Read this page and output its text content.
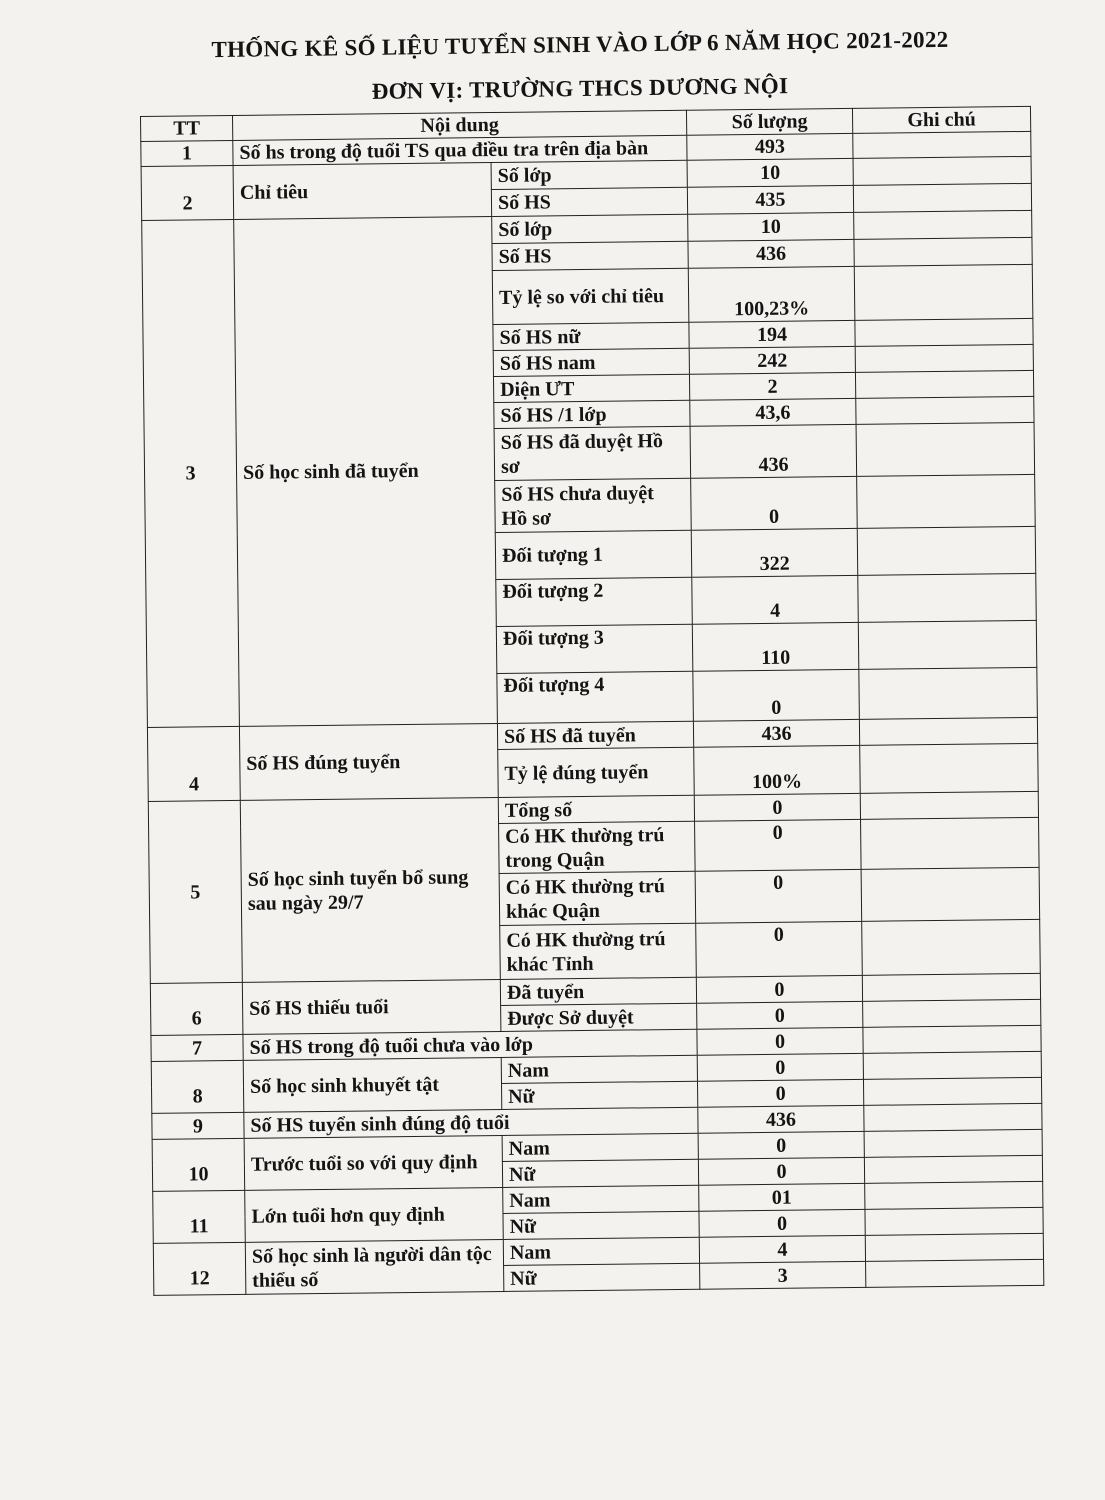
THỐNG KÊ SỐ LIỆU TUYỂN SINH VÀO LỚP 6 NĂM HỌC 2021-2022
ĐƠN VỊ: TRƯỜNG THCS DƯƠNG NỘI
TT	Nội dung		Số lượng	Ghi chú
1	Số hs trong độ tuổi TS qua điều tra trên địa bàn		493	
2	Chỉ tiêu	Số lớp	10	
		Số HS	435	
3	Số học sinh đã tuyển	Số lớp	10	
		Số HS	436	
		Tỷ lệ so với chỉ tiêu	100,23%	
		Số HS nữ	194	
		Số HS nam	242	
		Diện ƯT	2	
		Số HS /1 lớp	43,6	
		Số HS đã duyệt Hồ sơ	436	
		Số HS chưa duyệt Hồ sơ	0	
		Đối tượng 1	322	
		Đối tượng 2	4	
		Đối tượng 3	110	
		Đối tượng 4	0	
4	Số HS đúng tuyển	Số HS đã tuyển	436	
		Tỷ lệ đúng tuyển	100%	
5	Số học sinh tuyển bổ sung sau ngày 29/7	Tổng số	0	
		Có HK thường trú trong Quận	0	
		Có HK thường trú khác Quận	0	
		Có HK thường trú khác Tỉnh	0	
6	Số HS thiếu tuổi	Đã tuyển	0	
		Được Sở duyệt	0	
7	Số HS trong độ tuổi chưa vào lớp		0	
8	Số học sinh khuyết tật	Nam	0	
		Nữ	0	
9	Số HS tuyển sinh đúng độ tuổi		436	
10	Trước tuổi so với quy định	Nam	0	
		Nữ	0	
11	Lớn tuổi hơn quy định	Nam	01	
		Nữ	0	
12	Số học sinh là người dân tộc thiểu số	Nam	4	
		Nữ	3	
